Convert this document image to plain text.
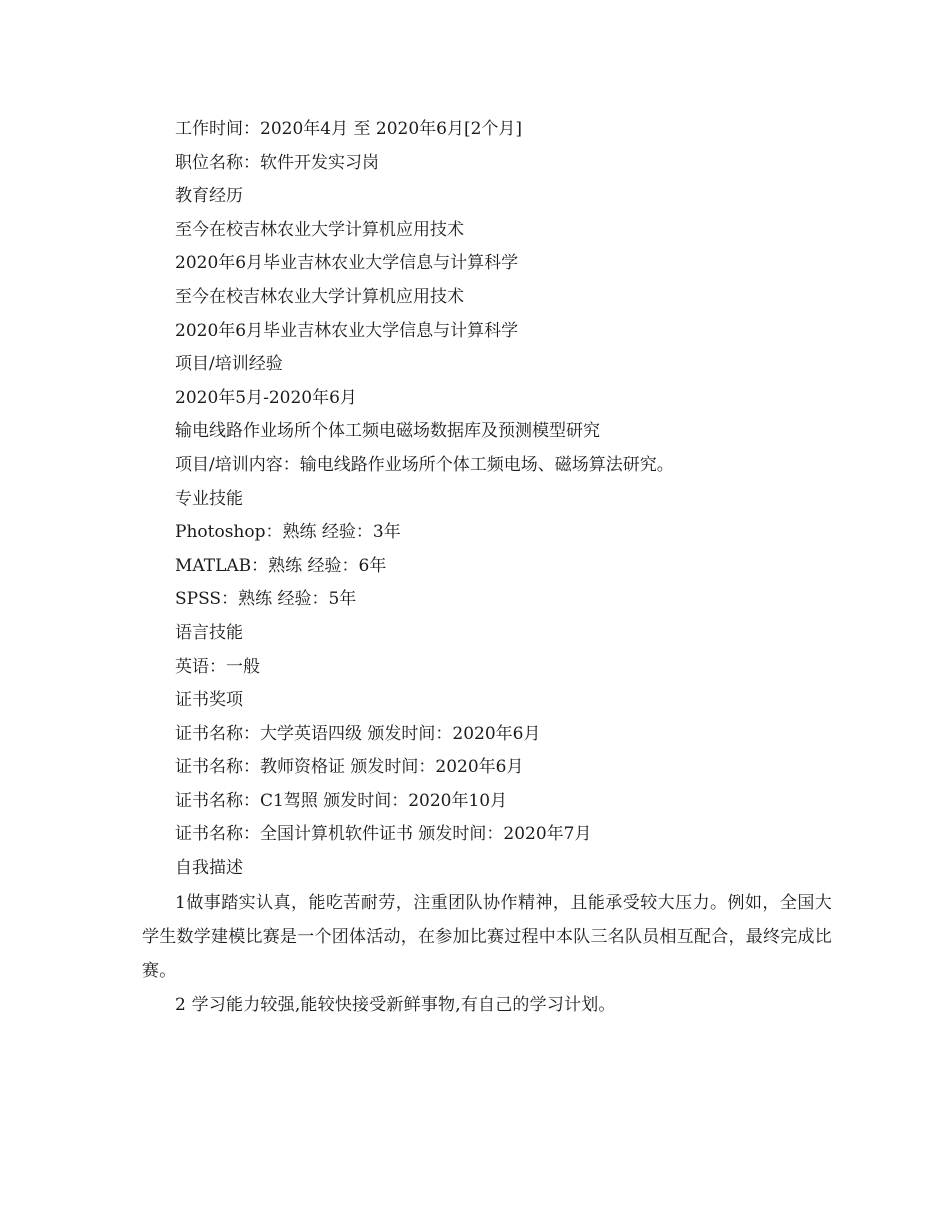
工作时间：2020年4月 至 2020年6月[2个月]
职位名称：软件开发实习岗
教育经历
至今在校吉林农业大学计算机应用技术
2020年6月毕业吉林农业大学信息与计算科学
至今在校吉林农业大学计算机应用技术
2020年6月毕业吉林农业大学信息与计算科学
项目/培训经验
2020年5月-2020年6月
输电线路作业场所个体工频电磁场数据库及预测模型研究
项目/培训内容：输电线路作业场所个体工频电场、磁场算法研究。
专业技能
Photoshop：熟练 经验：3年
MATLAB：熟练 经验：6年
SPSS：熟练 经验：5年
语言技能
英语：一般
证书奖项
证书名称：大学英语四级 颁发时间：2020年6月
证书名称：教师资格证 颁发时间：2020年6月
证书名称：C1驾照 颁发时间：2020年10月
证书名称：全国计算机软件证书 颁发时间：2020年7月
自我描述
1做事踏实认真，能吃苦耐劳，注重团队协作精神，且能承受较大压力。例如，全国大学生数学建模比赛是一个团体活动，在参加比赛过程中本队三名队员相互配合，最终完成比赛。
2 学习能力较强,能较快接受新鲜事物,有自己的学习计划。
